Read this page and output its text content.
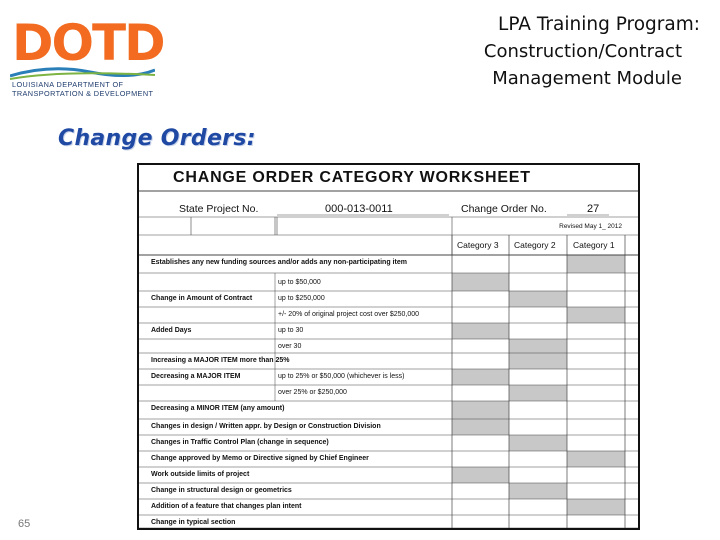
DOTD
LOUISIANA DEPARTMENT OF
TRANSPORTATION & DEVELOPMENT
LPA Training Program:
Construction/Contract
Management Module
Change Orders:
CHANGE ORDER CATEGORY WORKSHEET
State Project No.	000-013-0011	Change Order No.	27
Revised May 1_ 2012
Category 3 Category 2 Category 1
Establishes any new funding sources and/or adds any non-participating item
up to $50,000
Change in Amount of Contract	up to $250,000
+/- 20% of original project cost over $250,000
Added Days	up to 30
over 30
Increasing a MAJOR ITEM more than 25%
Decreasing a MAJOR ITEM	up to 25% or $50,000 (whichever is less)
over 25% or $250,000
Decreasing a MINOR ITEM (any amount)
Changes in design / Written appr. by Design or Construction Division
Changes in Traffic Control Plan (change in sequence)
Change approved by Memo or Directive signed by Chief Engineer
Work outside limits of project
Change in structural design or geometrics
Addition of a feature that changes plan intent
Change in typical section
65
